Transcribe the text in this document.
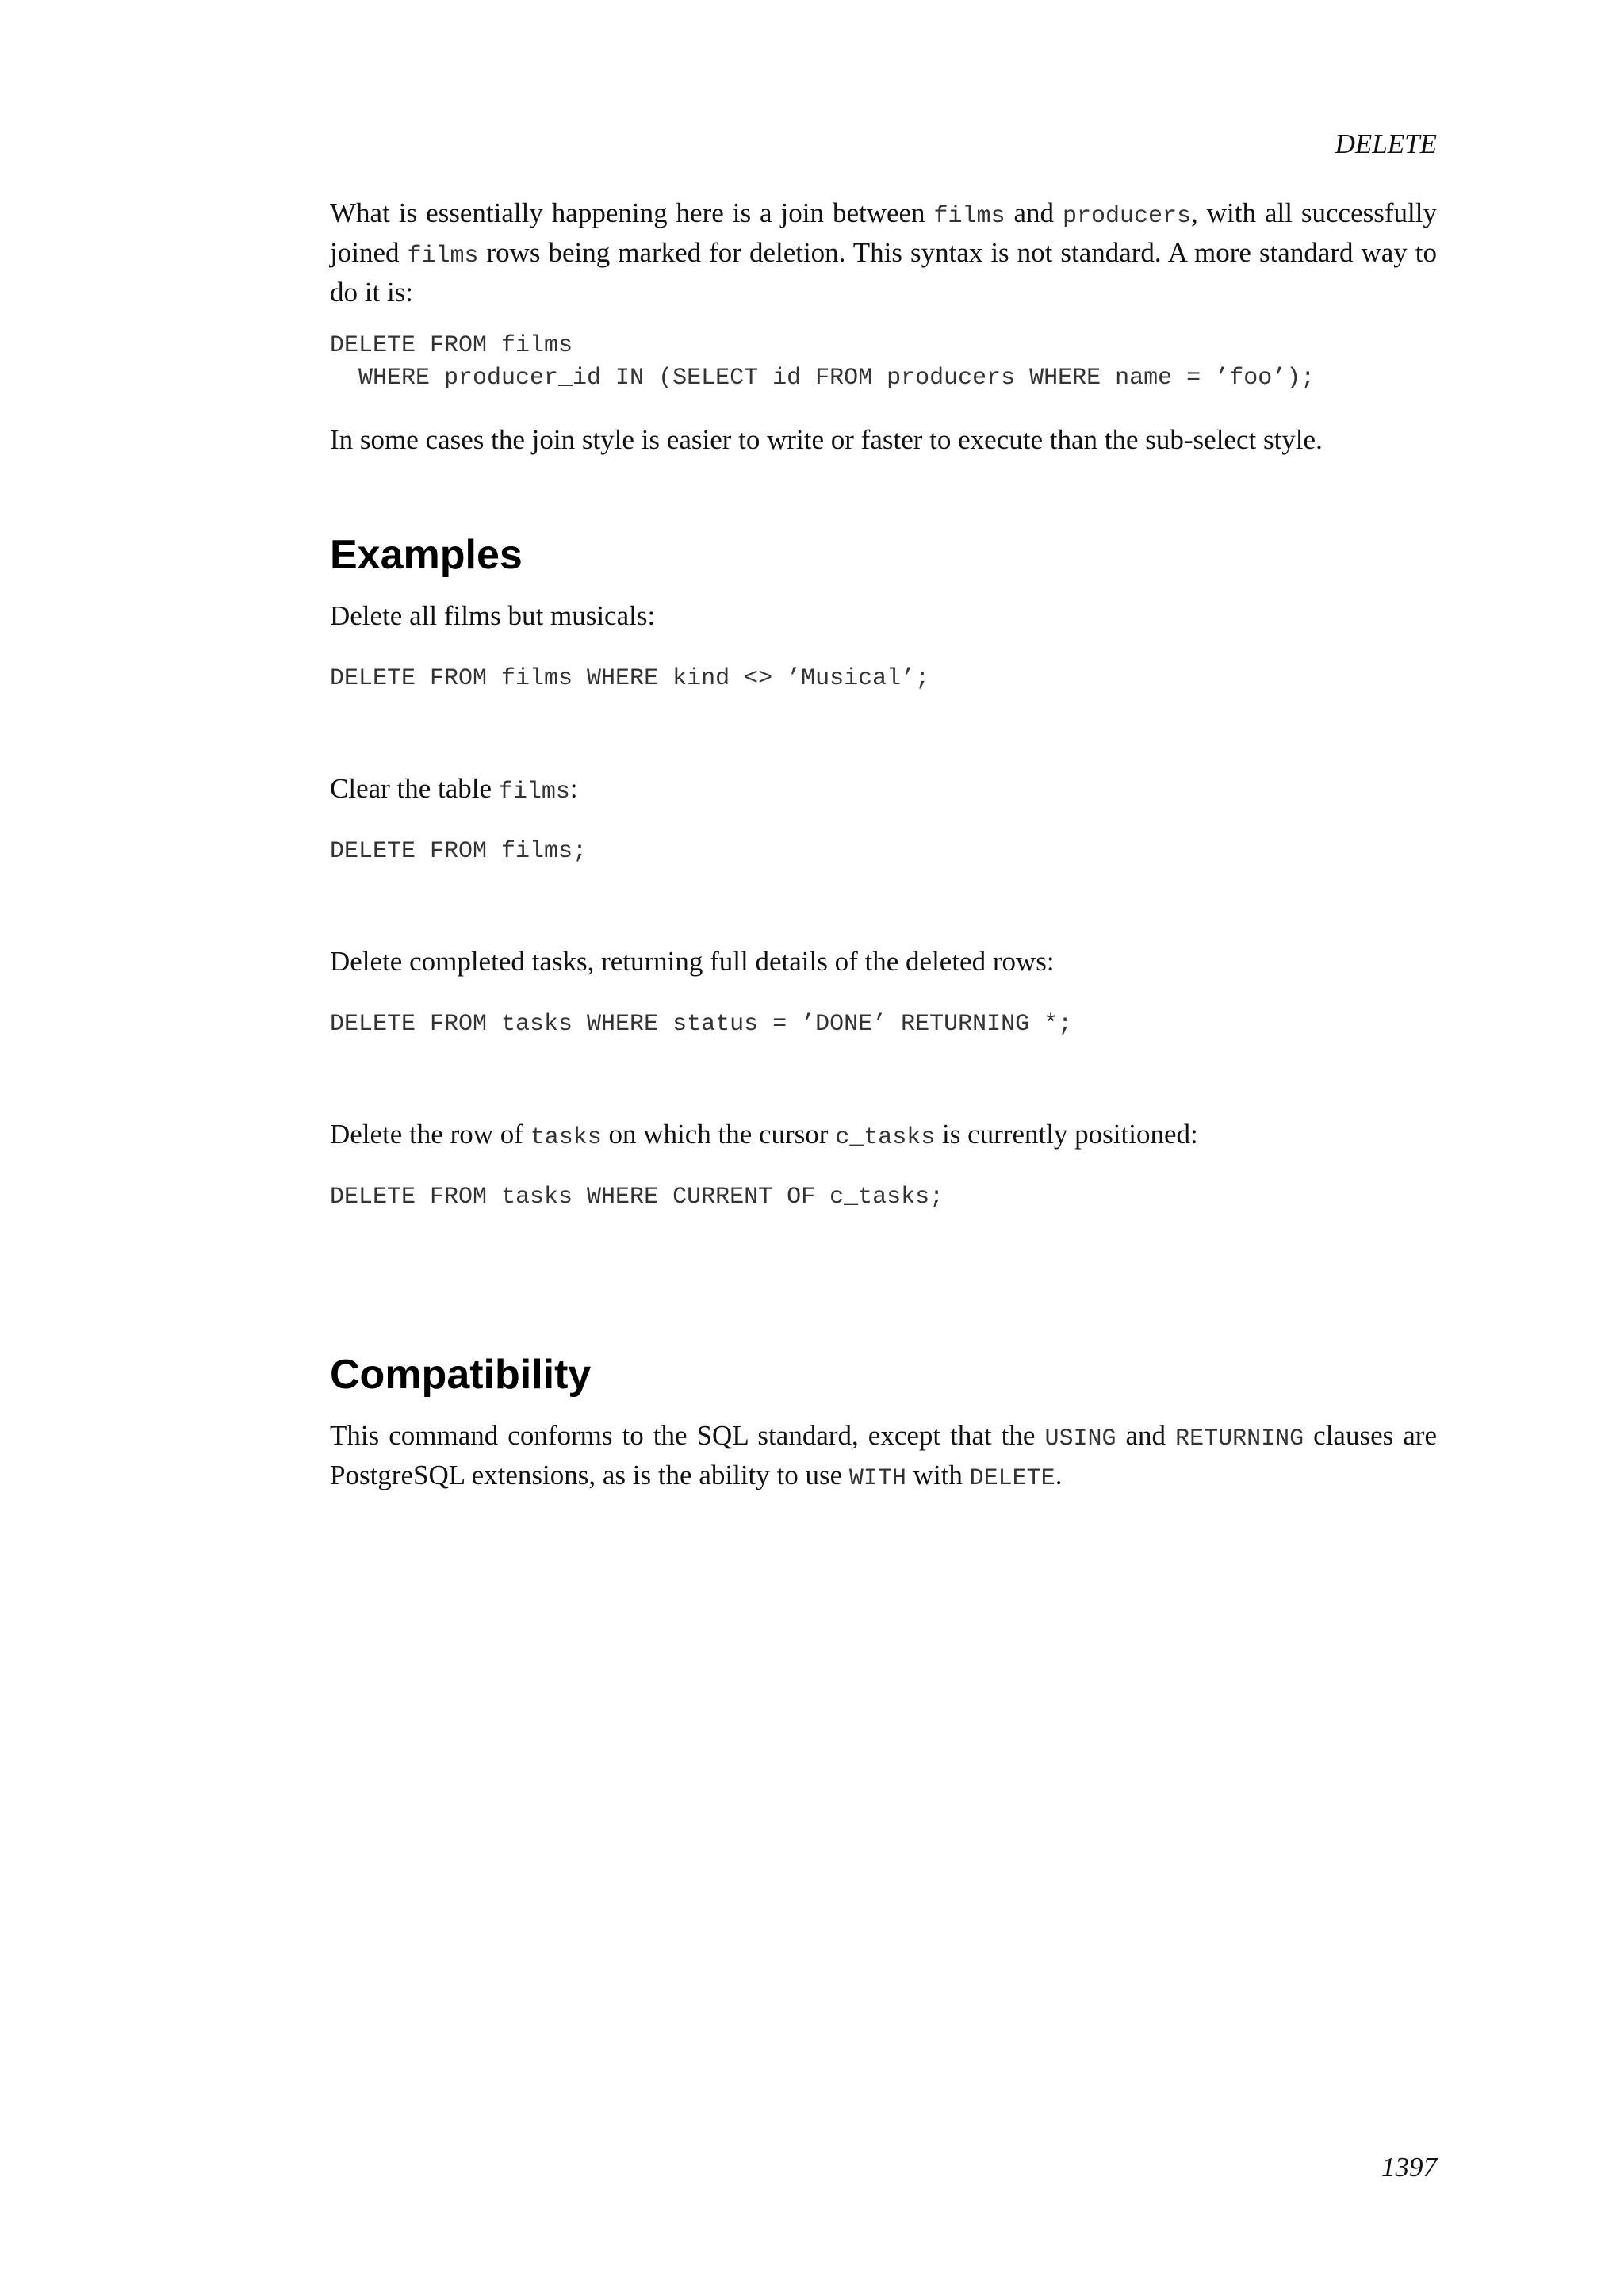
DELETE

What is essentially happening here is a join between films and producers, with all successfully joined films rows being marked for deletion. This syntax is not standard. A more standard way to do it is:

DELETE FROM films
WHERE producer_id IN (SELECT id FROM producers WHERE name = ’foo’);

In some cases the join style is easier to write or faster to execute than the sub-select style.

Examples

Delete all films but musicals:

DELETE FROM films WHERE kind <> ’Musical’;

Clear the table films:

DELETE FROM films;

Delete completed tasks, returning full details of the deleted rows:

DELETE FROM tasks WHERE status = ’DONE’ RETURNING *;

Delete the row of tasks on which the cursor c_tasks is currently positioned:

DELETE FROM tasks WHERE CURRENT OF c_tasks;
Compatibility

This command conforms to the SQL standard, except that the USING and RETURNING clauses are PostgreSQL extensions, as is the ability to use WITH with DELETE.

1397
